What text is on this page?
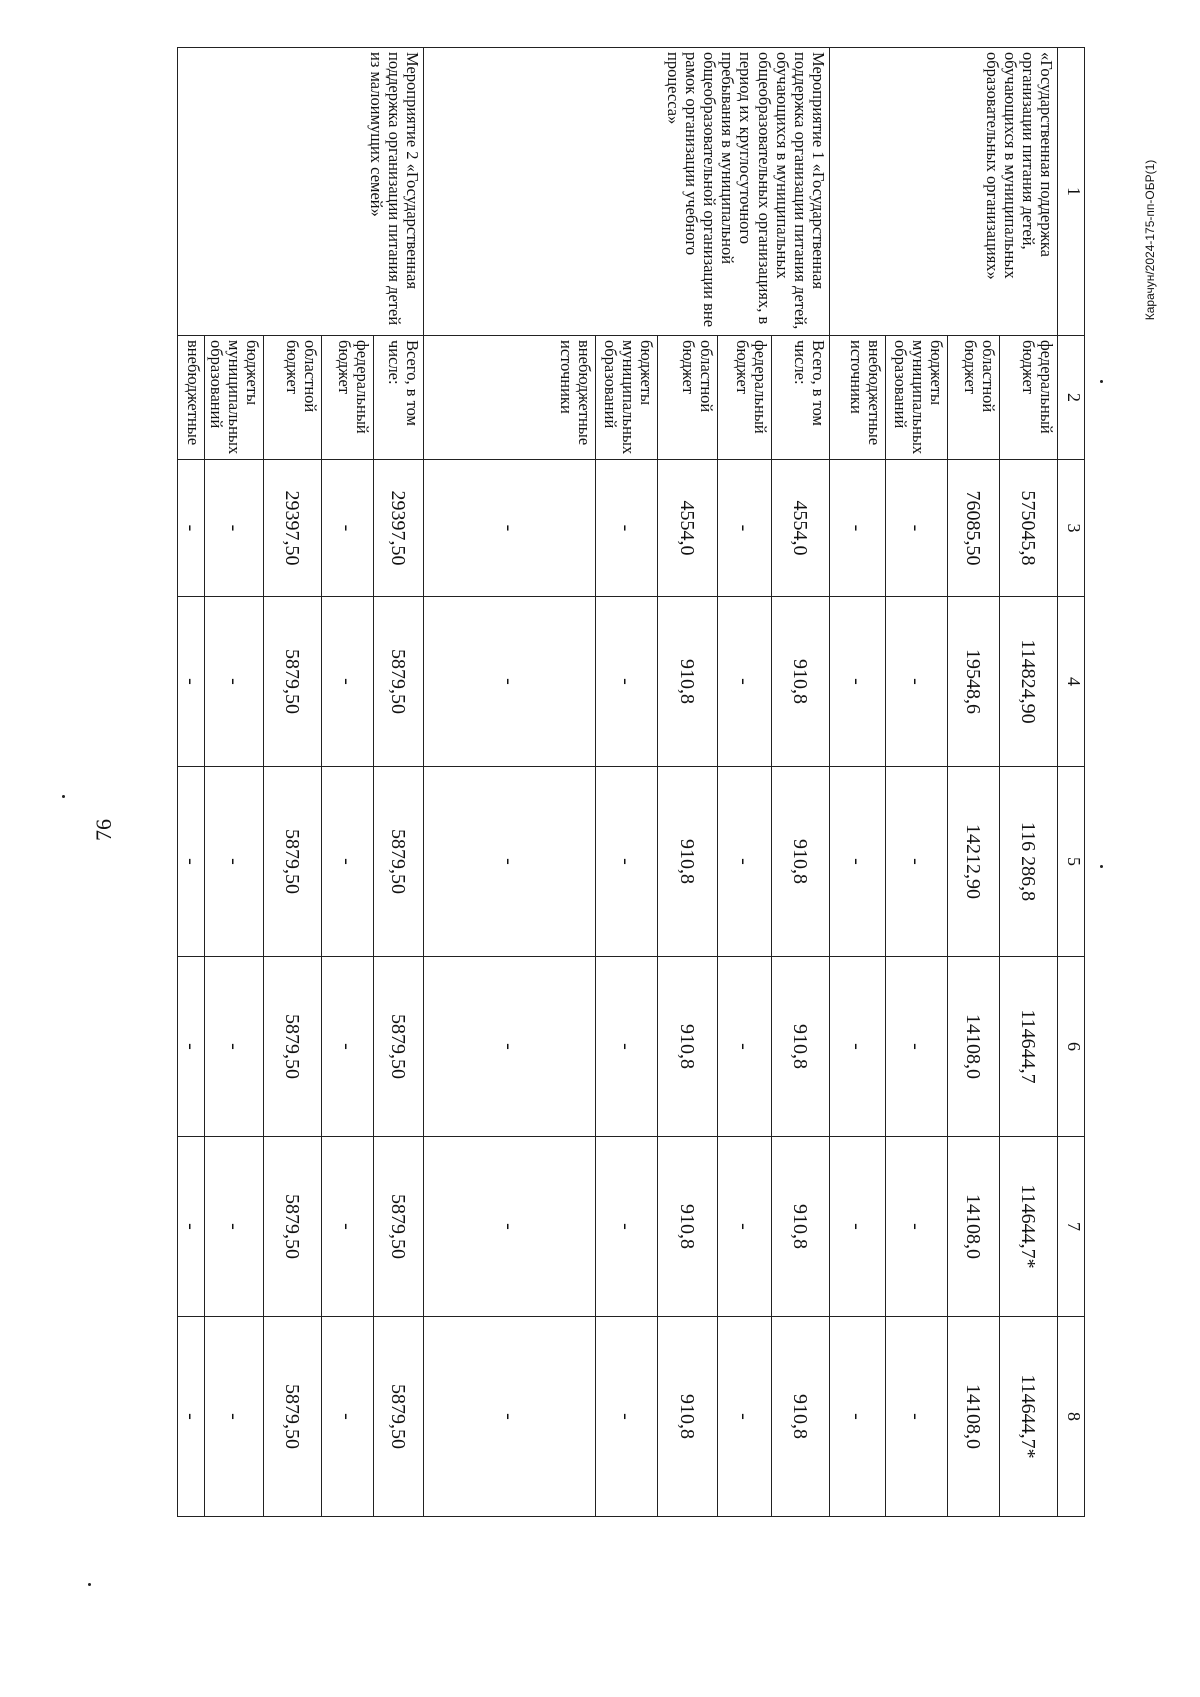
76
Карачун/2024-175-пп-ОБР(1)
1	2	3	4	5	6	7	8
«Государственная поддержка организации питания детей, обучающихся в муниципальных образовательных организациях»	федеральный бюджет	575045,8	114824,90	116 286,8	114644,7	114644,7*	114644,7*
	областной бюджет	76085,50	19548,6	14212,90	14108,0	14108,0	14108,0
	бюджеты муниципальных образований	-	-	-	-	-	-
	внебюджетные источники	-	-	-	-	-	-
Мероприятие 1 «Государственная поддержка организации питания детей, обучающихся в муниципальных общеобразовательных организациях, в период их круглосуточного пребывания в муниципальной общеобразовательной организации вне рамок организации учебного процесса»	Всего, в том числе:	4554,0	910,8	910,8	910,8	910,8	910,8
	федеральный бюджет	-	-	-	-	-	-
	областной бюджет	4554,0	910,8	910,8	910,8	910,8	910,8
	бюджеты муниципальных образований	-	-	-	-	-	-
	внебюджетные источники	-	-	-	-	-	-
Мероприятие 2 «Государственная поддержка организации питания детей из малоимущих семей»	Всего, в том числе:	29397,50	5879,50	5879,50	5879,50	5879,50	5879,50
	федеральный бюджет	-	-	-	-	-	-
	областной бюджет	29397,50	5879,50	5879,50	5879,50	5879,50	5879,50
	бюджеты муниципальных образований	-	-	-	-	-	-
	внебюджетные	-	-	-	-	-	-
